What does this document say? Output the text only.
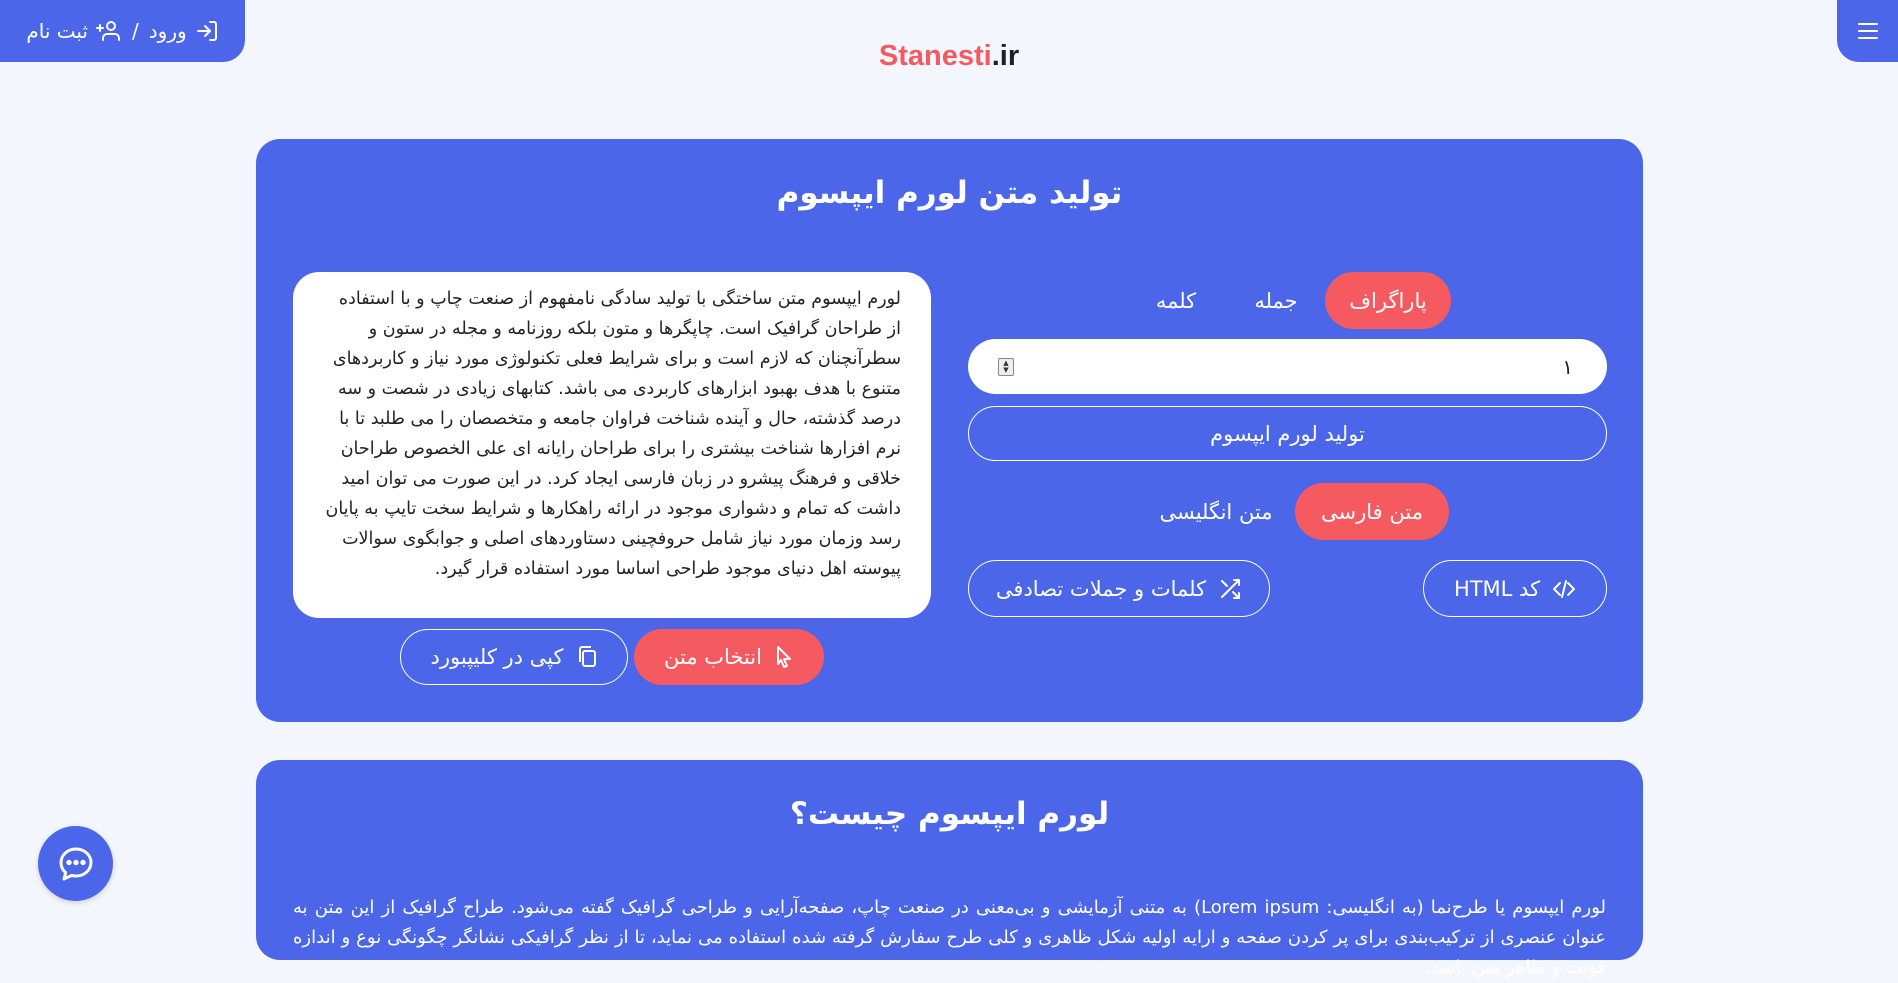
ورود
/
ثبت نام
Stanesti.ir
تولید متن لورم ایپسوم
لورم ایپسوم متن ساختگی با تولید سادگی نامفهوم از صنعت چاپ و با استفاده از طراحان گرافیک است. چاپگرها و متون بلکه روزنامه و مجله در ستون و سطرآنچنان که لازم است و برای شرایط فعلی تکنولوژی مورد نیاز و کاربردهای متنوع با هدف بهبود ابزارهای کاربردی می باشد. کتابهای زیادی در شصت و سه درصد گذشته، حال و آینده شناخت فراوان جامعه و متخصصان را می طلبد تا با نرم افزارها شناخت بیشتری را برای طراحان رایانه ای علی الخصوص طراحان خلاقی و فرهنگ پیشرو در زبان فارسی ایجاد کرد. در این صورت می توان امید داشت که تمام و دشواری موجود در ارائه راهکارها و شرایط سخت تایپ به پایان رسد وزمان مورد نیاز شامل حروفچینی دستاوردهای اصلی و جوابگوی سوالات پیوسته اهل دنیای موجود طراحی اساسا مورد استفاده قرار گیرد.
پاراگراف
جمله
کلمه
۱
▲
▼
تولید لورم ایپسوم
متن فارسی
متن انگلیسی
کد HTML
کلمات و جملات تصادفی
انتخاب متن
کپی در کلیپبورد
لورم ایپسوم چیست؟
لورم ایپسوم یا طرح‌نما (به انگلیسی: Lorem ipsum) به متنی آزمایشی و بی‌معنی در صنعت چاپ، صفحه‌آرایی و طراحی گرافیک گفته می‌شود. طراح گرافیک از این متن به عنوان عنصری از ترکیب‌بندی برای پر کردن صفحه و ارایه اولیه شکل ظاهری و کلی طرح سفارش گرفته شده استفاده می نماید، تا از نظر گرافیکی نشانگر چگونگی نوع و اندازه فونت و ظاهر متن باشد.
